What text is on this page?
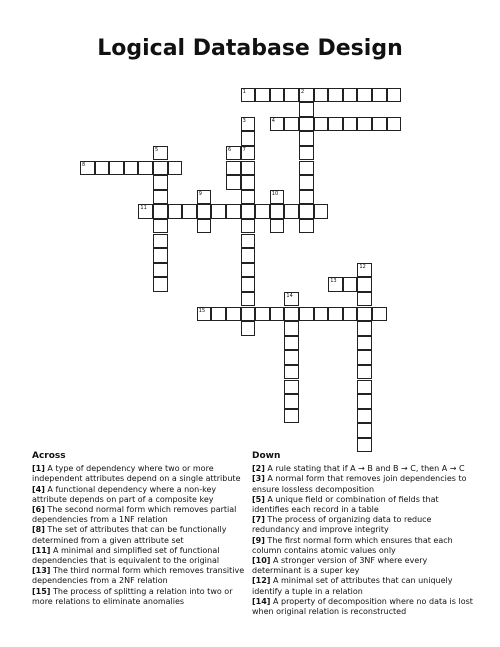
Logical Database Design
1	2
4
8
11
13
15
3
7
5	6
9	10
12
14
Across
[1] A type of dependency where two or more independent attributes depend on a single attribute
[4] A functional dependency where a non-key attribute depends on part of a composite key
[6] The second normal form which removes partial dependencies from a 1NF relation
[8] The set of attributes that can be functionally determined from a given attribute set
[11] A minimal and simplified set of functional dependencies that is equivalent to the original
[13] The third normal form which removes transitive dependencies from a 2NF relation
[15] The process of splitting a relation into two or more relations to eliminate anomalies
Down
[2] A rule stating that if A → B and B → C, then A → C
[3] A normal form that removes join dependencies to ensure lossless decomposition
[5] A unique field or combination of fields that identifies each record in a table
[7] The process of organizing data to reduce redundancy and improve integrity
[9] The first normal form which ensures that each column contains atomic values only
[10] A stronger version of 3NF where every determinant is a super key
[12] A minimal set of attributes that can uniquely identify a tuple in a relation
[14] A property of decomposition where no data is lost when original relation is reconstructed
